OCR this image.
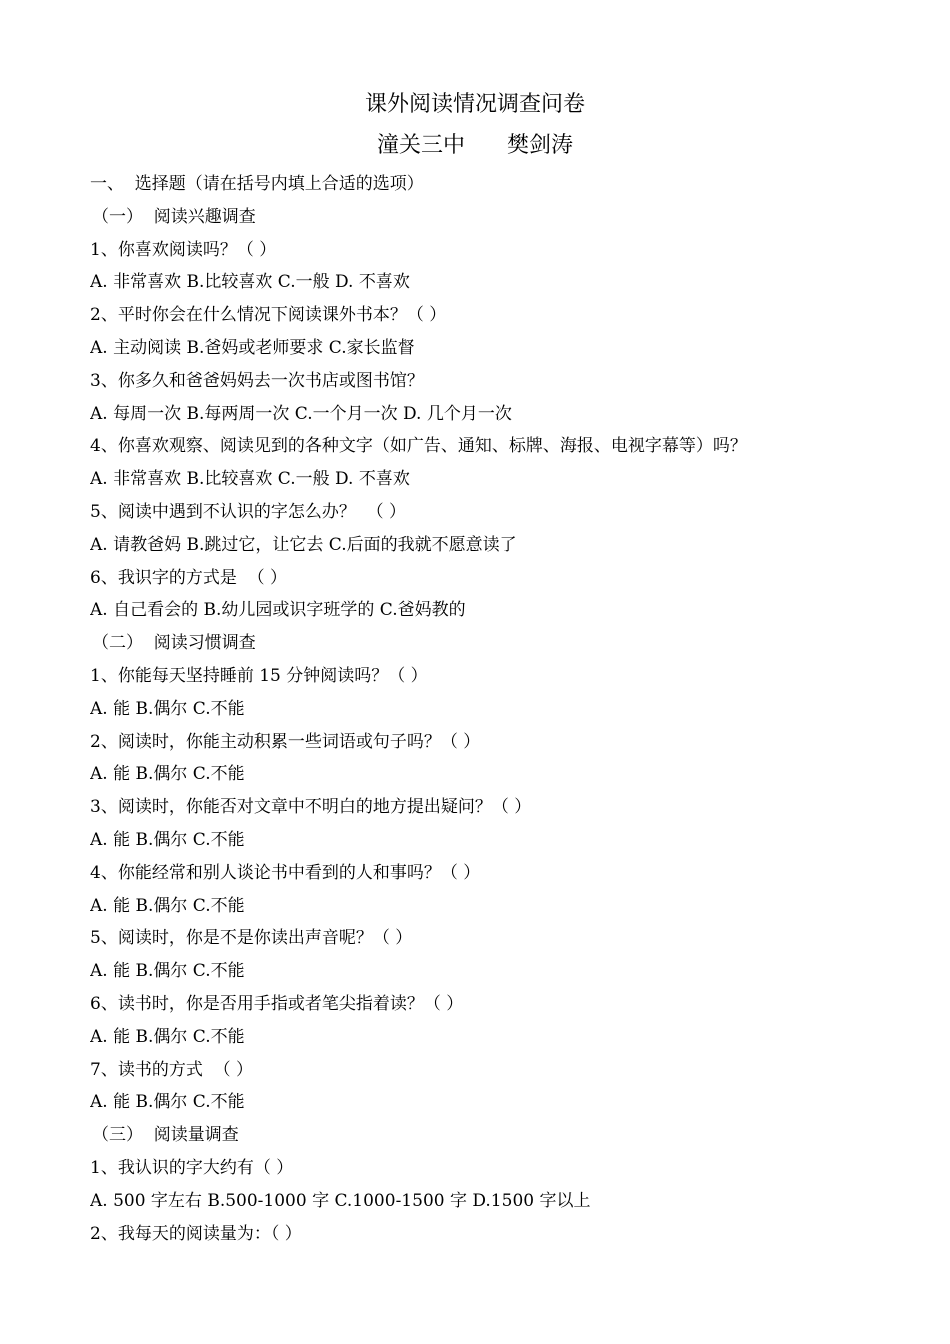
课外阅读情况调查问卷
潼关三中      樊剑涛
一、  选择题（请在括号内填上合适的选项）
（一）  阅读兴趣调查
1、你喜欢阅读吗？（ ）
A. 非常喜欢 B.比较喜欢 C.一般 D. 不喜欢
2、平时你会在什么情况下阅读课外书本？（ ）
A. 主动阅读 B.爸妈或老师要求 C.家长监督
3、你多久和爸爸妈妈去一次书店或图书馆？
A. 每周一次 B.每两周一次 C.一个月一次 D. 几个月一次
4、你喜欢观察、阅读见到的各种文字（如广告、通知、标牌、海报、电视字幕等）吗？
A. 非常喜欢 B.比较喜欢 C.一般 D. 不喜欢
5、阅读中遇到不认识的字怎么办？  （ ）
A. 请教爸妈 B.跳过它，让它去 C.后面的我就不愿意读了
6、我识字的方式是  （ ）
A. 自己看会的 B.幼儿园或识字班学的 C.爸妈教的
（二）  阅读习惯调查
1、你能每天坚持睡前 15 分钟阅读吗？（ ）
A. 能 B.偶尔 C.不能
2、阅读时，你能主动积累一些词语或句子吗？（ ）
A. 能 B.偶尔 C.不能
3、阅读时，你能否对文章中不明白的地方提出疑问？（ ）
A. 能 B.偶尔 C.不能
4、你能经常和别人谈论书中看到的人和事吗？（ ）
A. 能 B.偶尔 C.不能
5、阅读时，你是不是你读出声音呢？（ ）
A. 能 B.偶尔 C.不能
6、读书时，你是否用手指或者笔尖指着读？（ ）
A. 能 B.偶尔 C.不能
7、读书的方式  （ ）
A. 能 B.偶尔 C.不能
（三）  阅读量调查
1、我认识的字大约有（ ）
A. 500 字左右 B.500-1000 字 C.1000-1500 字 D.1500 字以上
2、我每天的阅读量为：（ ）
